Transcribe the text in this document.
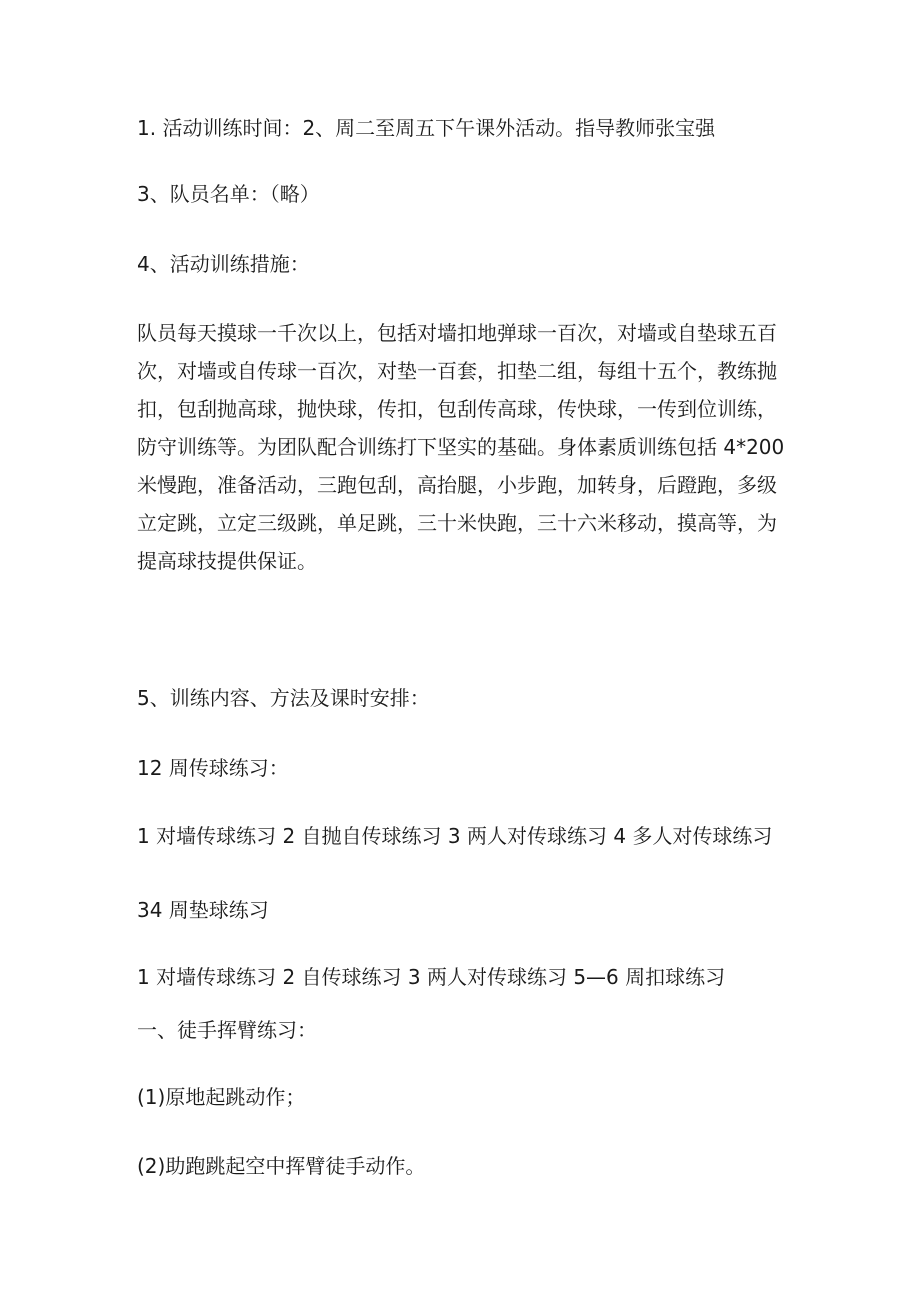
1. 活动训练时间：2、周二至周五下午课外活动。指导教师张宝强

3、队员名单：（略）

4、活动训练措施：

队员每天摸球一千次以上，包括对墙扣地弹球一百次，对墙或自垫球五百
次，对墙或自传球一百次，对垫一百套，扣垫二组，每组十五个，教练抛
扣，包刮抛高球，抛快球，传扣，包刮传高球，传快球，一传到位训练，
防守训练等。为团队配合训练打下坚实的基础。身体素质训练包括 4*200
米慢跑，准备活动，三跑包刮，高抬腿，小步跑，加转身，后蹬跑，多级
立定跳，立定三级跳，单足跳，三十米快跑，三十六米移动，摸高等，为
提高球技提供保证。

5、训练内容、方法及课时安排：

12 周传球练习：

1 对墙传球练习 2 自抛自传球练习 3 两人对传球练习 4 多人对传球练习

34 周垫球练习

1 对墙传球练习 2 自传球练习 3 两人对传球练习 5—6 周扣球练习

一、徒手挥臂练习：

(1)原地起跳动作；

(2)助跑跳起空中挥臂徒手动作。
